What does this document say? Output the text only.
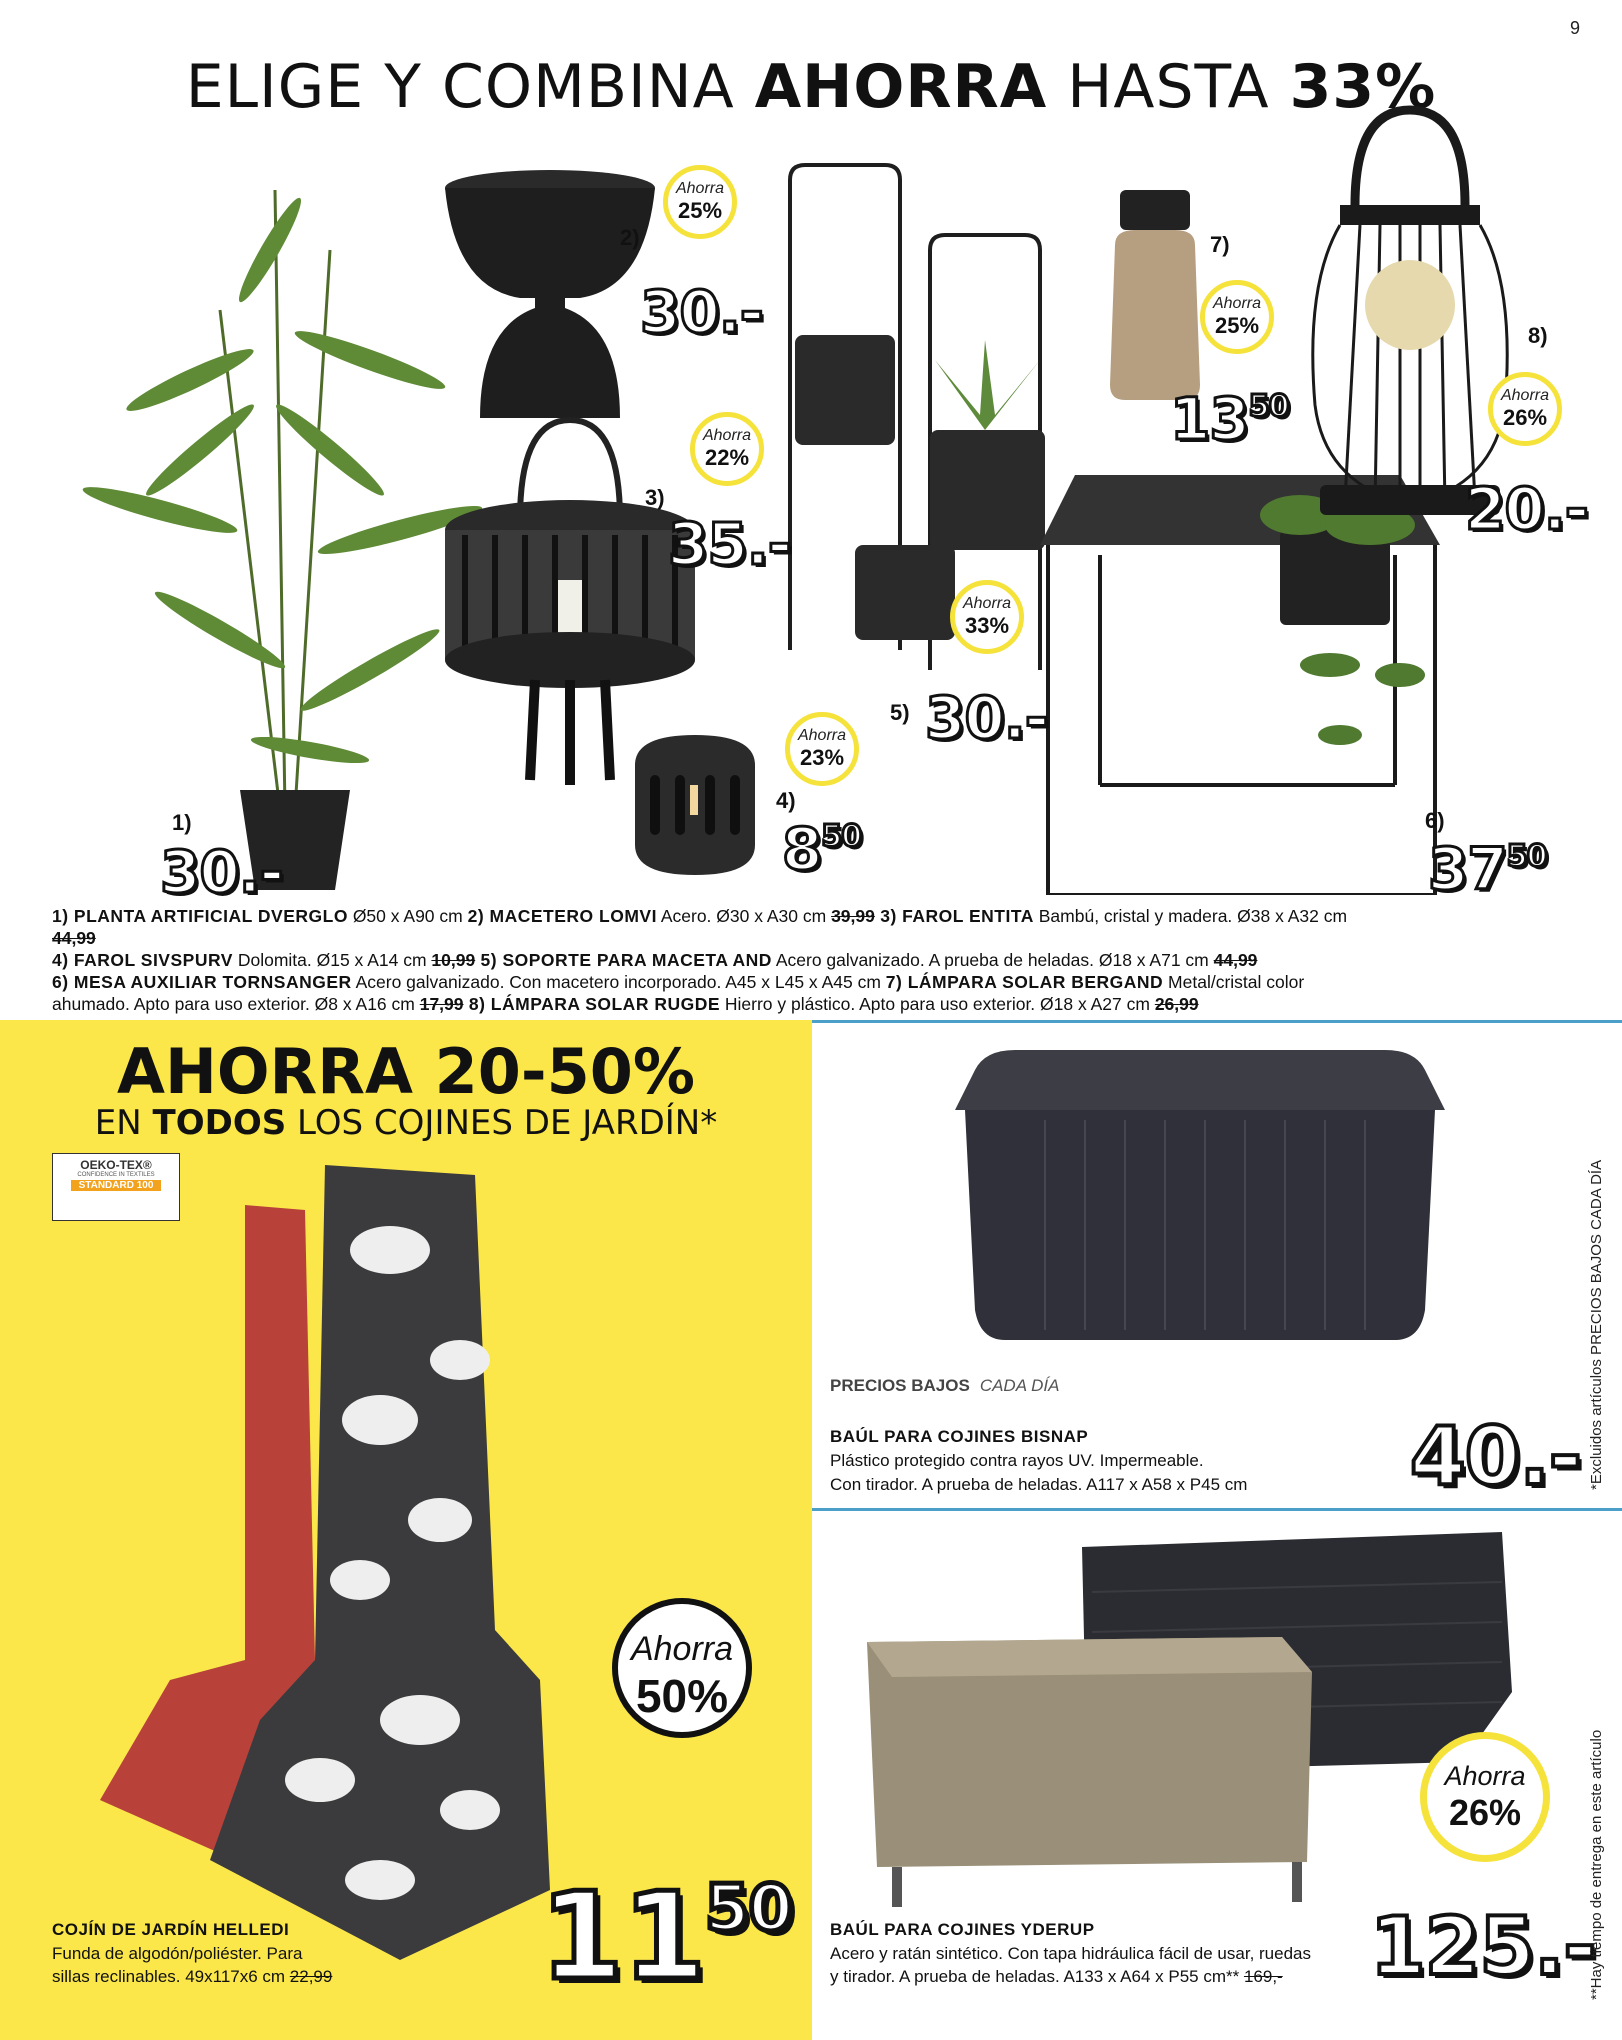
9
ELIGE Y COMBINA AHORRA HASTA 33%
Ahorra
25%
Ahorra
22%
Ahorra
23%
Ahorra
33%
Ahorra
25%
Ahorra
26%
1)
30.-
2)
30.-
3)
35.-
4)
$8^{50}$
5) 30.-
6)
$37^{50}$
7)
$13^{50}$
8)
20.-
1) PLANTA ARTIFICIAL DVERGLO Ø50 x A90 cm 2) MACETERO LOMVI Acero. Ø30 x A30 cm 39,99 3) FAROL ENTITA Bambú, cristal y madera. Ø38 x A32 cm 44,99
4) FAROL SIVSPURV Dolomita. Ø15 x A14 cm 10,99 5) SOPORTE PARA MACETA AND Acero galvanizado. A prueba de heladas. Ø18 x A71 cm 44,99
6) MESA AUXILIAR TORNSANGER Acero galvanizado. Con macetero incorporado. A45 x L45 x A45 cm 7) LÁMPARA SOLAR BERGAND Metal/cristal color ahumado. Apto para uso exterior. Ø8 x A16 cm 17,99 8) LÁMPARA SOLAR RUGDE Hierro y plástico. Apto para uso exterior. Ø18 x A27 cm 26,99
AHORRA 20-50%
EN TODOS LOS COJINES DE JARDÍN*
OEKO-TEX®
CONFIDENCE IN TEXTILES
STANDARD 100
Ahorra
50%
COJÍN DE JARDÍN HELLEDI
Funda de algodón/poliéster. Para
sillas reclinables. 49x117x6 cm 22,99 $11^{50}$
PRECIOS BAJOS CADA DÍA
BAÚL PARA COJINES BISNAP
Plástico protegido contra rayos UV. Impermeable.
Con tirador. A prueba de heladas. A117 x A58 x P45 cm 40.-
Ahorra
26%
BAÚL PARA COJINES YDERUP
Acero y ratán sintético. Con tapa hidráulica fácil de usar, ruedas
y tirador. A prueba de heladas. A133 x A64 x P55 cm** 169,- 125.-
*Excluidos artículos PRECIOS BAJOS CADA DÍA
**Hay tiempo de entrega en este artículo
